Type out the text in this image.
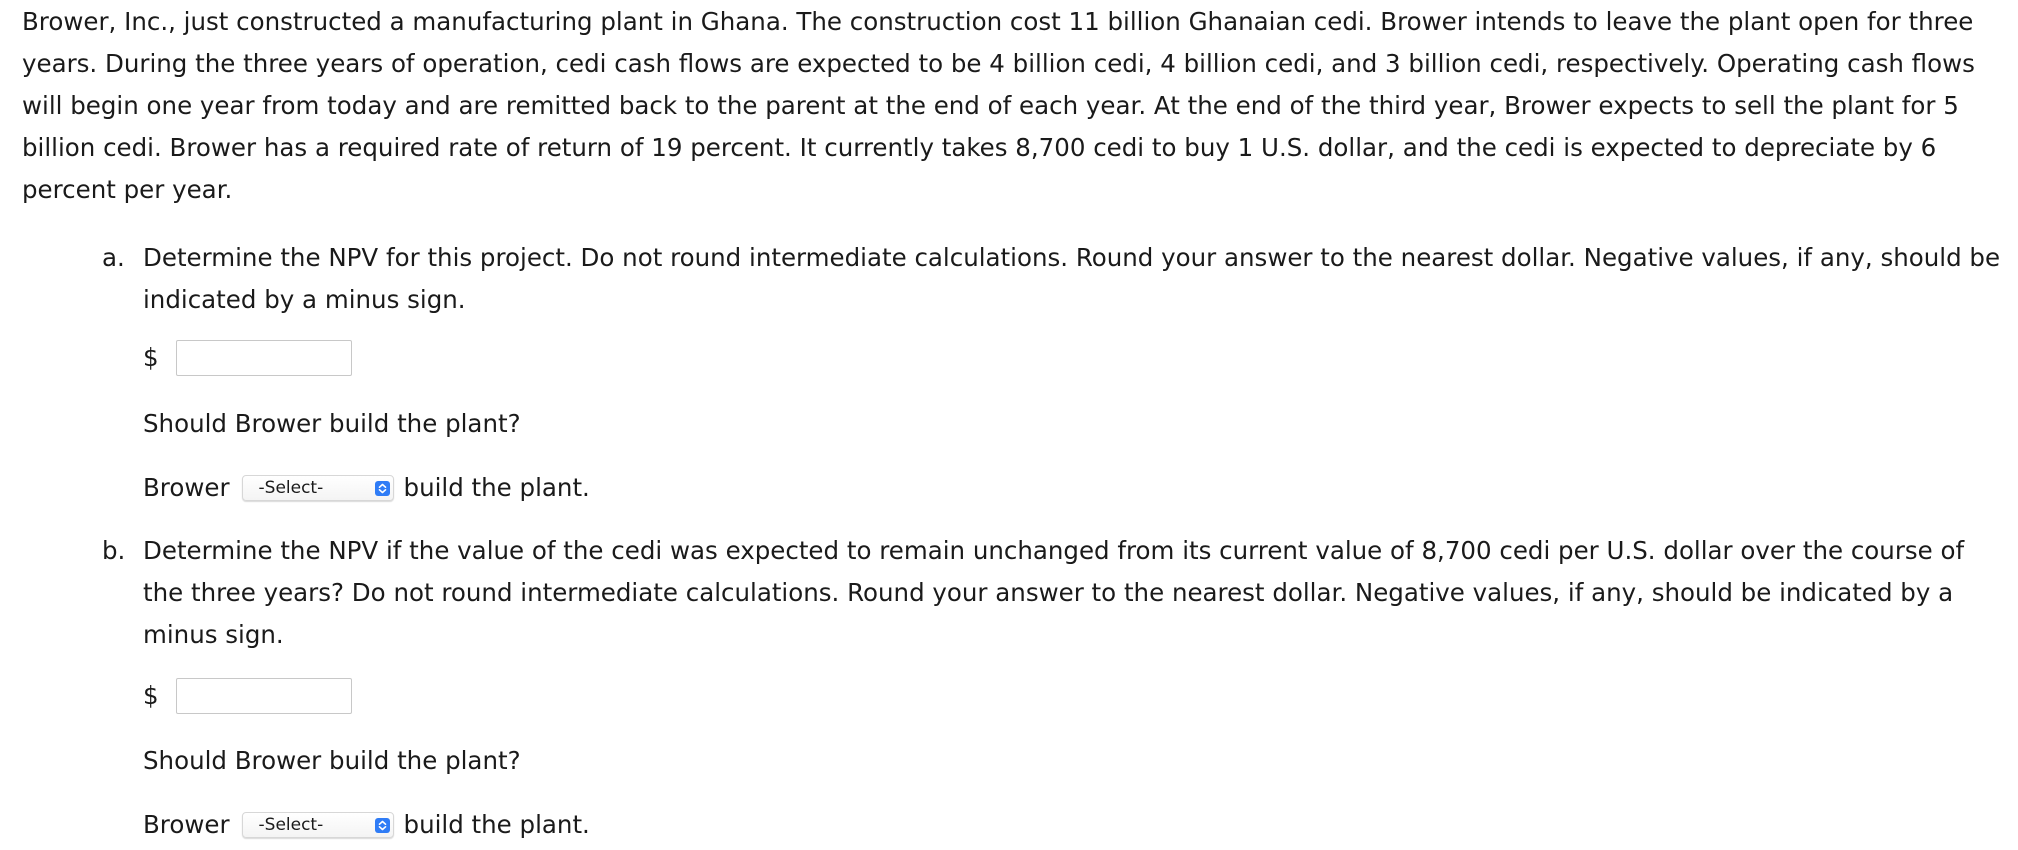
Brower, Inc., just constructed a manufacturing plant in Ghana. The construction cost 11 billion Ghanaian cedi. Brower intends to leave the plant open for three years. During the three years of operation, cedi cash flows are expected to be 4 billion cedi, 4 billion cedi, and 3 billion cedi, respectively. Operating cash flows will begin one year from today and are remitted back to the parent at the end of each year. At the end of the third year, Brower expects to sell the plant for 5 billion cedi. Brower has a required rate of return of 19 percent. It currently takes 8,700 cedi to buy 1 U.S. dollar, and the cedi is expected to depreciate by 6 percent per year.

a. Determine the NPV for this project. Do not round intermediate calculations. Round your answer to the nearest dollar. Negative values, if any, should be indicated by a minus sign.

$
Should Brower build the plant?
Brower -Select-	build the plant.
b. Determine the NPV if the value of the cedi was expected to remain unchanged from its current value of 8,700 cedi per U.S. dollar over the course of the three years? Do not round intermediate calculations. Round your answer to the nearest dollar. Negative values, if any, should be indicated by a minus sign.

$
Should Brower build the plant?
Brower -Select-	build the plant.
